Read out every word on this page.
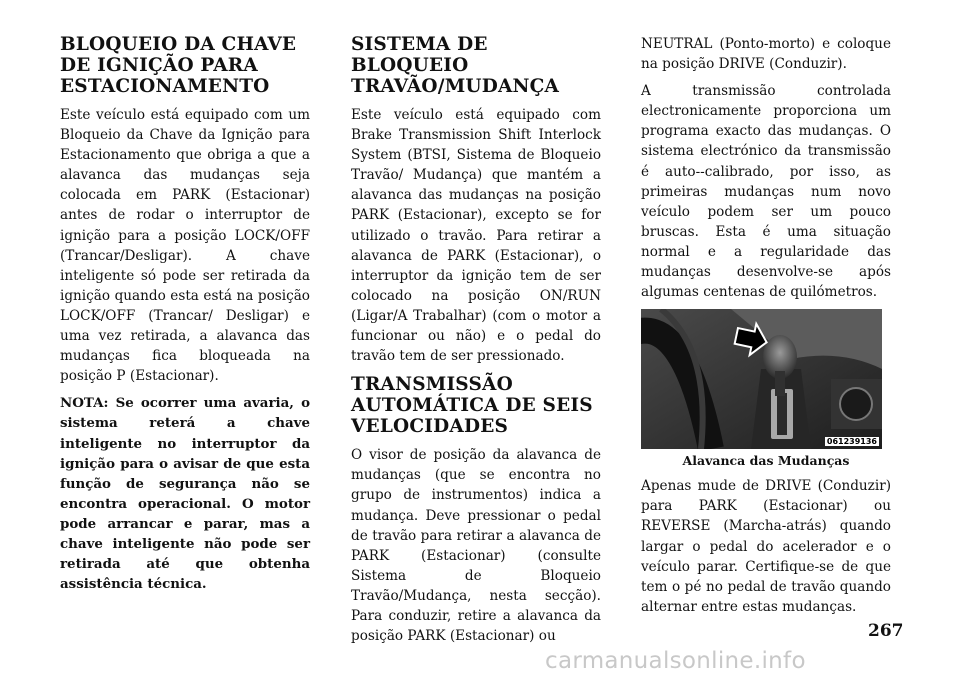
BLOQUEIO DA CHAVE DE IGNIÇÃO PARA ESTACIONAMENTO

Este veículo está equipado com um Bloqueio da Chave da Ignição para Estacionamento que obriga a que a alavanca das mudanças seja colocada em PARK (Estacionar) antes de rodar o interruptor de ignição para a posição LOCK/OFF (Trancar/Desligar). A chave inteligente só pode ser retirada da ignição quando esta está na posição LOCK/OFF (Trancar/ Desligar) e uma vez retirada, a alavanca das mudanças fica bloqueada na posição P (Estacionar).

NOTA: Se ocorrer uma avaria, o sistema reterá a chave inteligente no interruptor da ignição para o avisar de que esta função de segurança não se encontra operacional. O motor pode arrancar e parar, mas a chave inteligente não pode ser retirada até que obtenha assistência técnica.

SISTEMA DE BLOQUEIO TRAVÃO/MUDANÇA

Este veículo está equipado com Brake Transmission Shift Interlock System (BTSI, Sistema de Bloqueio Travão/ Mudança) que mantém a alavanca das mudanças na posição PARK (Estacionar), excepto se for utilizado o travão. Para retirar a alavanca de PARK (Estacionar), o interruptor da ignição tem de ser colocado na posição ON/RUN (Ligar/A Trabalhar) (com o motor a funcionar ou não) e o pedal do travão tem de ser pressionado.

TRANSMISSÃO AUTOMÁTICA DE SEIS VELOCIDADES

O visor de posição da alavanca de mudanças (que se encontra no grupo de instrumentos) indica a mudança. Deve pressionar o pedal de travão para retirar a alavanca de PARK (Estacionar) (consulte Sistema de Bloqueio Travão/Mudança, nesta secção). Para conduzir, retire a alavanca da posição PARK (Estacionar) ou

NEUTRAL (Ponto-morto) e coloque na posição DRIVE (Conduzir).

A transmissão controlada electronicamente proporciona um programa exacto das mudanças. O sistema electrónico da transmissão é auto--calibrado, por isso, as primeiras mudanças num novo veículo podem ser um pouco bruscas. Esta é uma situação normal e a regularidade das mudanças desenvolve-se após algumas centenas de quilómetros.

061239136
Alavanca das Mudanças

Apenas mude de DRIVE (Conduzir) para PARK (Estacionar) ou REVERSE (Marcha-atrás) quando largar o pedal do acelerador e o veículo parar. Certifique-se de que tem o pé no pedal de travão quando alternar entre estas mudanças.

267
carmanualsonline.info
